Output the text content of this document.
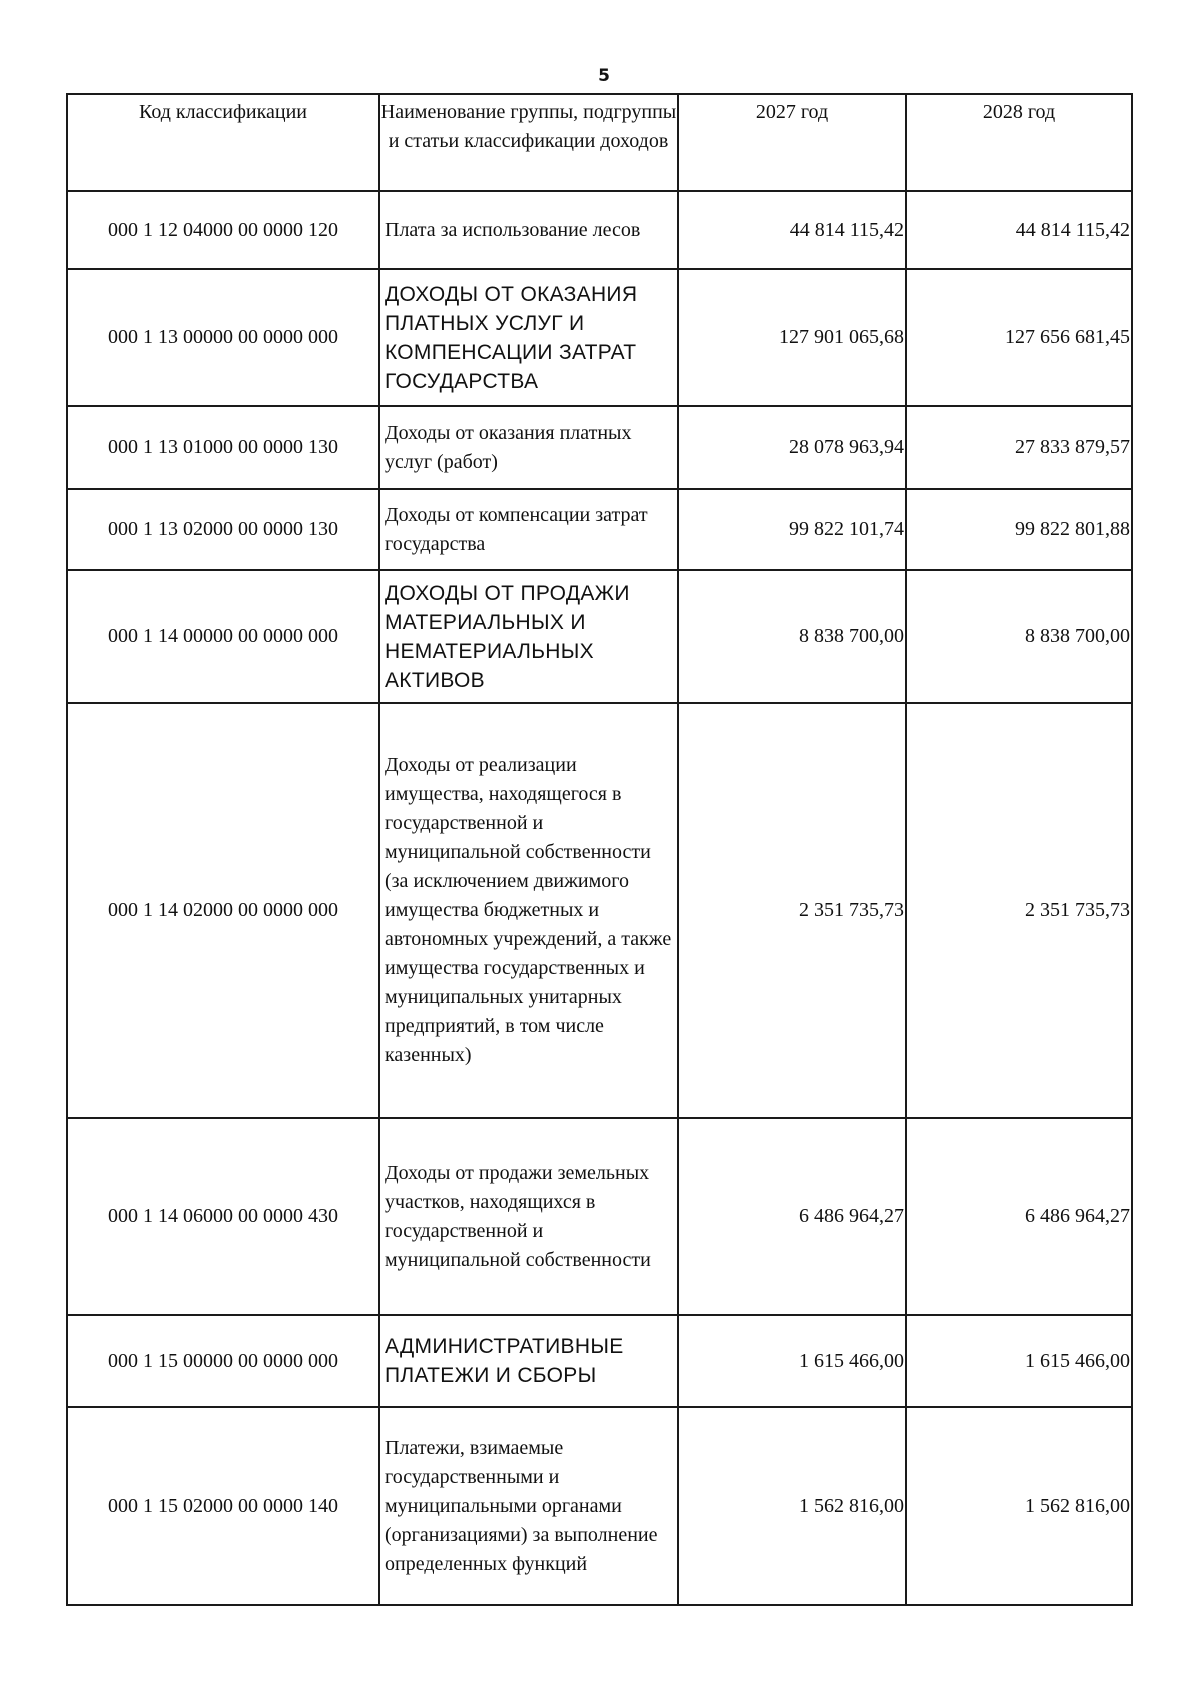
5
Код классификации	Наименование группы, подгруппы и статьи классификации доходов	2027 год	2028 год
000 1 12 04000 00 0000 120	Плата за использование лесов	44 814 115,42	44 814 115,42
000 1 13 00000 00 0000 000	ДОХОДЫ ОТ ОКАЗАНИЯ ПЛАТНЫХ УСЛУГ И КОМПЕНСАЦИИ ЗАТРАТ ГОСУДАРСТВА	127 901 065,68	127 656 681,45
000 1 13 01000 00 0000 130	Доходы от оказания платных услуг (работ)	28 078 963,94	27 833 879,57
000 1 13 02000 00 0000 130	Доходы от компенсации затрат государства	99 822 101,74	99 822 801,88
000 1 14 00000 00 0000 000	ДОХОДЫ ОТ ПРОДАЖИ МАТЕРИАЛЬНЫХ И НЕМАТЕРИАЛЬНЫХ АКТИВОВ	8 838 700,00	8 838 700,00
000 1 14 02000 00 0000 000	Доходы от реализации имущества, находящегося в государственной и муниципальной собственности (за исключением движимого имущества бюджетных и автономных учреждений, а также имущества государственных и муниципальных унитарных предприятий, в том числе казенных)	2 351 735,73	2 351 735,73
000 1 14 06000 00 0000 430	Доходы от продажи земельных участков, находящихся в государственной и муниципальной собственности	6 486 964,27	6 486 964,27
000 1 15 00000 00 0000 000	АДМИНИСТРАТИВНЫЕ ПЛАТЕЖИ И СБОРЫ	1 615 466,00	1 615 466,00
000 1 15 02000 00 0000 140	Платежи, взимаемые государственными и муниципальными органами (организациями) за выполнение определенных функций	1 562 816,00	1 562 816,00
